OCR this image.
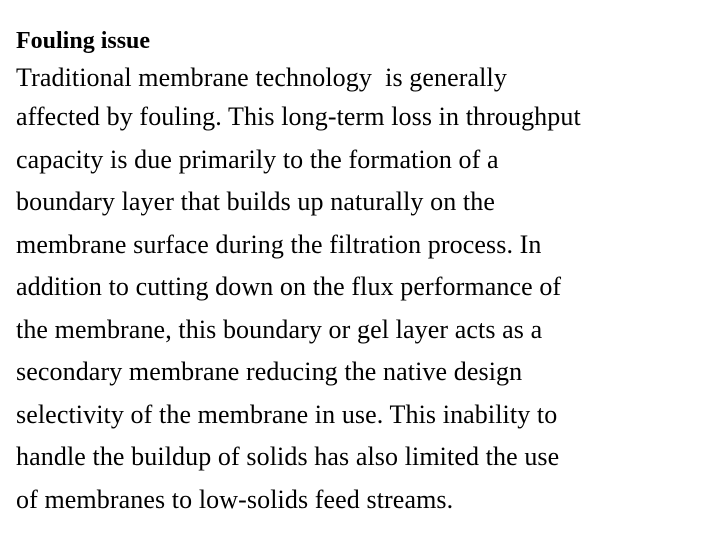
Fouling issue
Traditional membrane technology  is generally
affected by fouling. This long-term loss in throughput
capacity is due primarily to the formation of a
boundary layer that builds up naturally on the
membrane surface during the filtration process. In
addition to cutting down on the flux performance of
the membrane, this boundary or gel layer acts as a
secondary membrane reducing the native design
selectivity of the membrane in use. This inability to
handle the buildup of solids has also limited the use
of membranes to low-solids feed streams.
